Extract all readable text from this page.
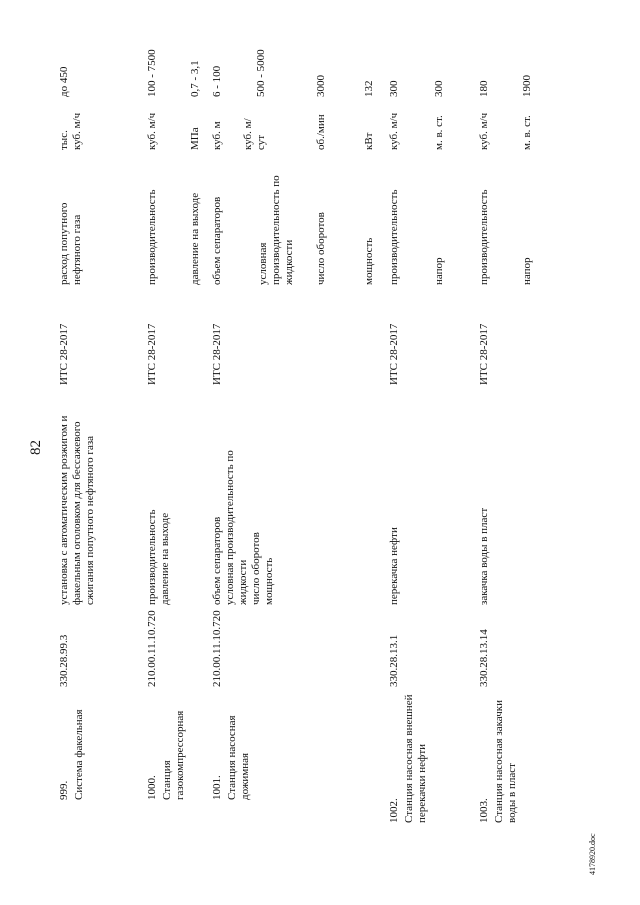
82
999. Система факельная
330.28.99.3
установка с автоматическим розжигом и факельным оголовком для бессажевого сжигания попутного нефтяного газа
ИТС 28-2017
расход попутного нефтяного газа
тыс. куб. м/ч
до 450
1000. Станция газокомпрессорная
210.00.11.10.720
производительность давление на выходе
ИТС 28-2017
производительность
куб. м/ч
100 - 7500
давление на выходе
МПа
0,7 - 3,1
1001. Станция насосная дожимная
210.00.11.10.720
объем сепараторов условная производительность по жидкости число оборотов мощность
ИТС 28-2017
объем сепараторов
куб. м
6 - 100
условная производительность по жидкости
куб. м/сут
500 - 5000
число оборотов
об./мин
3000
мощность
кВт
132
1002. Станция насосная внешней перекачки нефти
330.28.13.1
перекачка нефти
ИТС 28-2017
производительность
куб. м/ч
300
напор
м. в. ст.
300
1003. Станция насосная закачки воды в пласт
330.28.13.14
закачка воды в пласт
ИТС 28-2017
производительность
куб. м/ч
180
напор
м. в. ст.
1900
4178920.doc
